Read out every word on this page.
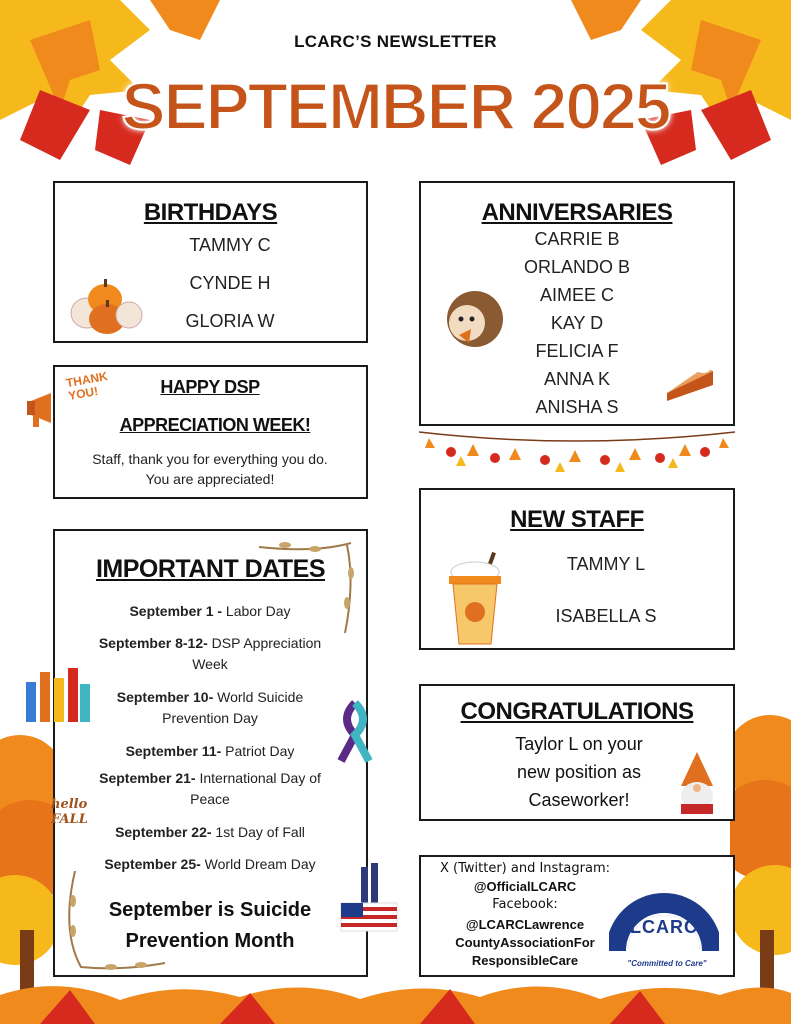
LCARC’S NEWSLETTER
SEPTEMBER 2025
BIRTHDAYS
TAMMY C
CYNDE H
GLORIA W
ANNIVERSARIES
CARRIE B
ORLANDO B
AIMEE C
KAY D
FELICIA F
ANNA K
ANISHA S
HAPPY DSP
APPRECIATION WEEK!
Staff, thank you for everything you do. You are appreciated!
THANK YOU!
NEW STAFF
TAMMY L
ISABELLA S
IMPORTANT DATES
September 1 - Labor Day
September 8-12- DSP Appreciation Week
September 10- World Suicide Prevention Day
September 11- Patriot Day
September 21- International Day of Peace
September 22- 1st Day of Fall
September 25- World Dream Day
September is Suicide
Prevention Month
hello FALL
CONGRATULATIONS
Taylor L on your
new position as
Caseworker!
X (Twitter) and Instagram:
@OfficialLCARC
Facebook:
@LCARCLawrence
CountyAssociationFor
ResponsibleCare
LCARC
"Committed to Care"
